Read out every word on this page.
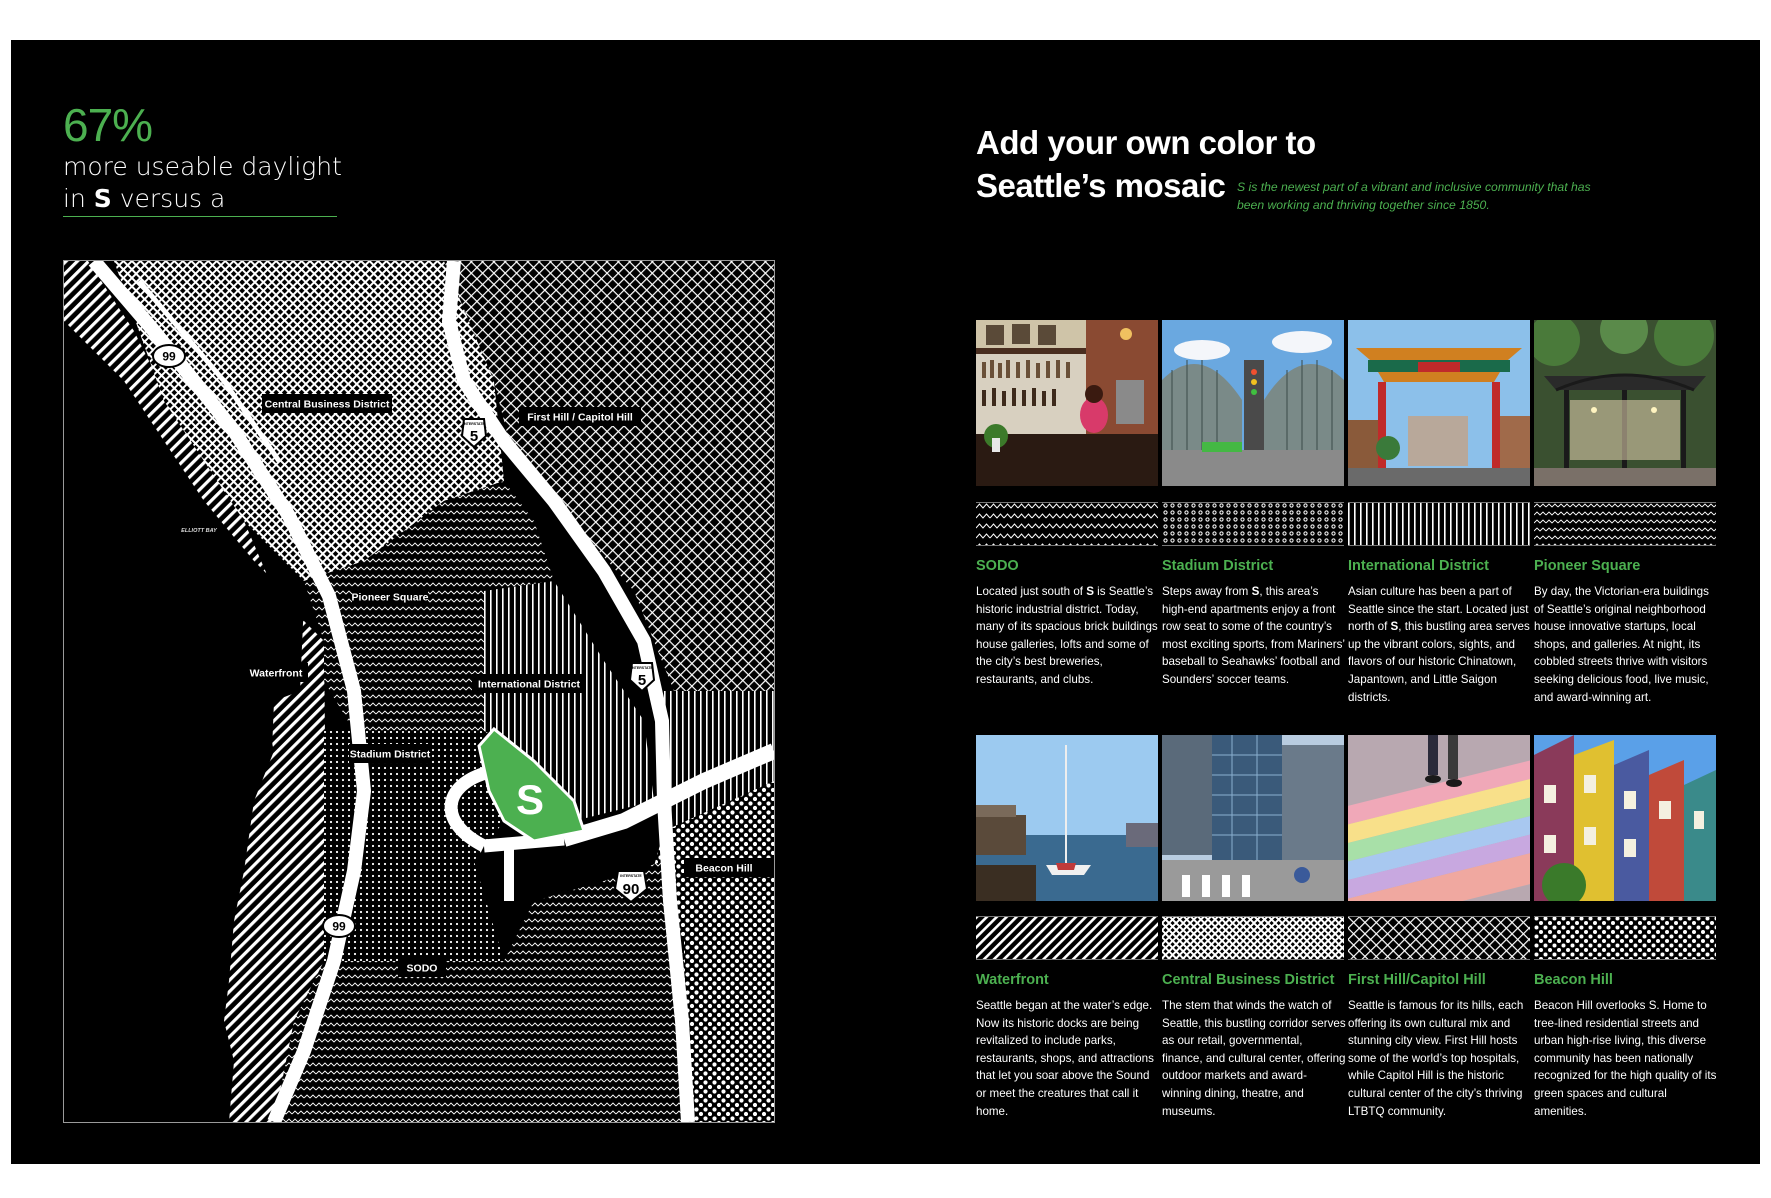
67%
more useable daylight
in S versus a
S
99
99
INTERSTATE
5
INTERSTATE
5
INTERSTATE
90
Central Business District
First Hill / Capitol Hill
ELLIOTT BAY
Pioneer Square
Waterfront
International District
Stadium District
Beacon Hill
SODO
Add your own color to
Seattle’s mosaic S is the newest part of a vibrant and inclusive community that has been working and thriving together since 1850.
SODO
Located just south of S is Seattle’s historic industrial district. Today, many of its spacious brick buildings house galleries, lofts and some of the city’s best breweries, restaurants, and clubs.
Stadium District
Steps away from S, this area’s high-end apartments enjoy a front row seat to some of the country’s most exciting sports, from Mariners’ baseball to Seahawks’ football and Sounders’ soccer teams.
International District
Asian culture has been a part of Seattle since the start. Located just north of S, this bustling area serves up the vibrant colors, sights, and flavors of our historic Chinatown, Japantown, and Little Saigon districts.
Pioneer Square
By day, the Victorian-era buildings of Seattle’s original neighborhood house innovative startups, local shops, and galleries. At night, its cobbled streets thrive with visitors seeking delicious food, live music, and award-winning art.
Waterfront
Seattle began at the water’s edge. Now its historic docks are being revitalized to include parks, restaurants, shops, and attractions that let you soar above the Sound or meet the creatures that call it home.
Central Business District
The stem that winds the watch of Seattle, this bustling corridor serves as our retail, governmental, finance, and cultural center, offering outdoor markets and award-winning dining, theatre, and museums.
First Hill/Capitol Hill
Seattle is famous for its hills, each offering its own cultural mix and stunning city view. First Hill hosts some of the world’s top hospitals, while Capitol Hill is the historic cultural center of the city’s thriving LTBTQ community.
Beacon Hill
Beacon Hill overlooks S. Home to tree-lined residential streets and urban high-rise living, this diverse community has been nationally recognized for the high quality of its green spaces and cultural amenities.
